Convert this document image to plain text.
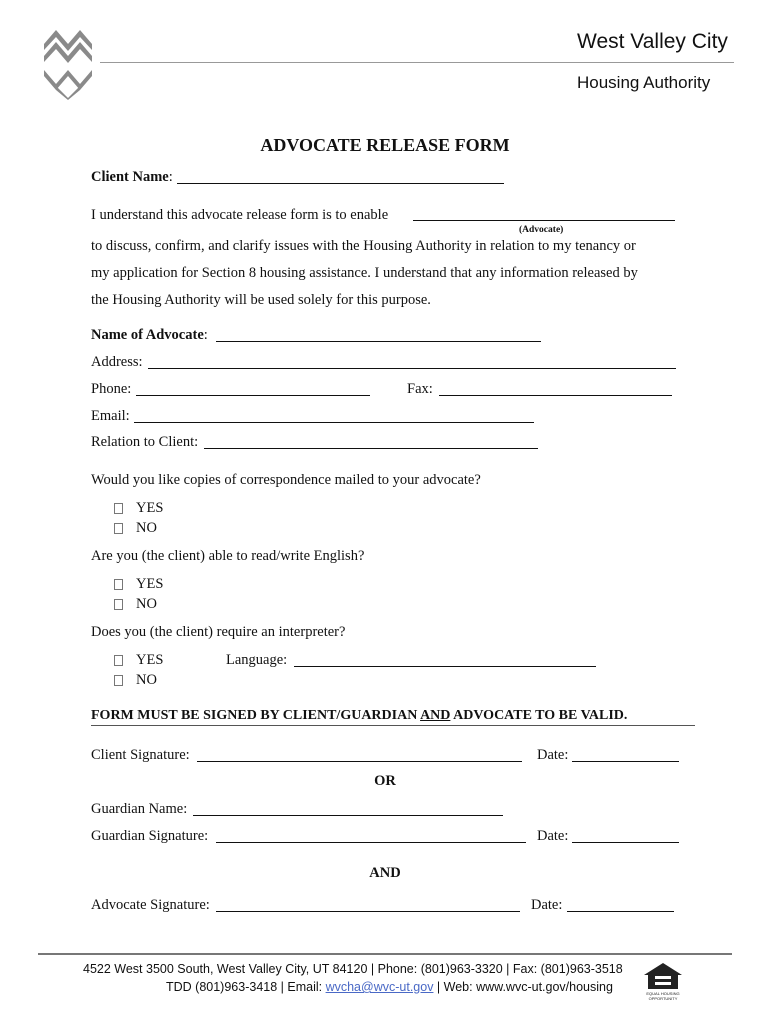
West Valley City
Housing Authority
ADVOCATE RELEASE FORM
Client Name:
I understand this advocate release form is to enable
(Advocate)
to discuss, confirm, and clarify issues with the Housing Authority in relation to my tenancy or
my application for Section 8 housing assistance. I understand that any information released by
the Housing Authority will be used solely for this purpose.
Name of Advocate:
Address:
Phone:	Fax:
Email:
Relation to Client:
Would you like copies of correspondence mailed to your advocate?
YES
NO
Are you (the client) able to read/write English?
YES
NO
Does you (the client) require an interpreter?
YES	Language:
NO
FORM MUST BE SIGNED BY CLIENT/GUARDIAN AND ADVOCATE TO BE VALID.
Client Signature:	Date:
OR
Guardian Name:
Guardian Signature:	Date:
AND
Advocate Signature:	Date:
4522 West 3500 South, West Valley City, UT 84120 | Phone: (801)963-3320 | Fax: (801)963-3518
TDD (801)963-3418 | Email: wvcha@wvc-ut.gov | Web: www.wvc-ut.gov/housing	EQUAL HOUSING OPPORTUNITY
